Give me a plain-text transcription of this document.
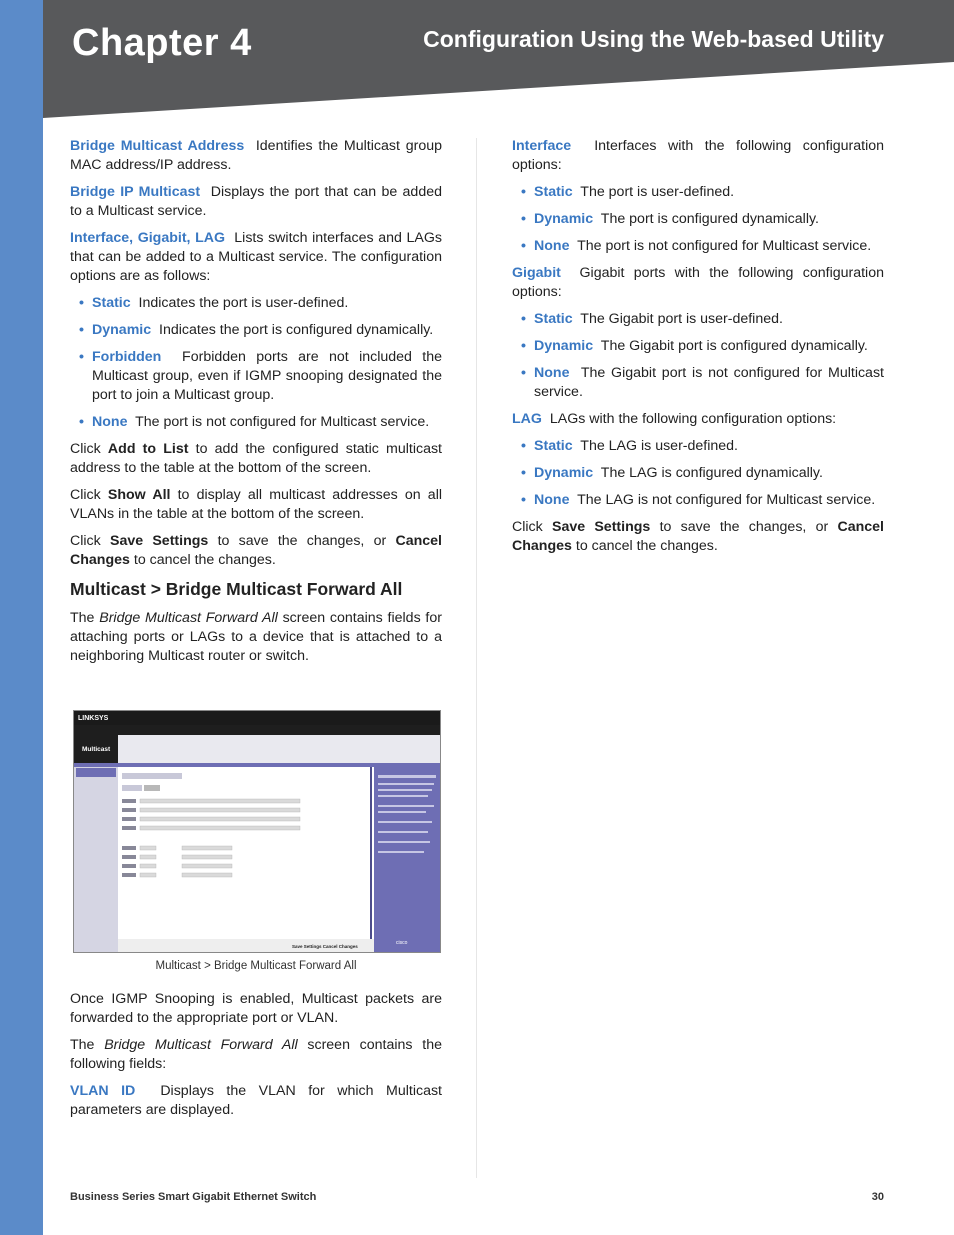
Chapter 4	Configuration Using the Web-based Utility

Bridge Multicast Address Identifies the Multicast group MAC address/IP address.

Bridge IP Multicast Displays the port that can be added to a Multicast service.

Interface, Gigabit, LAG Lists switch interfaces and LAGs that can be added to a Multicast service. The configuration options are as follows:

• Static Indicates the port is user-defined.
• Dynamic Indicates the port is configured dynamically.
• Forbidden Forbidden ports are not included the Multicast group, even if IGMP snooping designated the port to join a Multicast group.
• None The port is not configured for Multicast service.

Click Add to List to add the configured static multicast address to the table at the bottom of the screen.

Click Show All to display all multicast addresses on all VLANs in the table at the bottom of the screen.

Click Save Settings to save the changes, or Cancel Changes to cancel the changes.

Multicast > Bridge Multicast Forward All

The Bridge Multicast Forward All screen contains fields for attaching ports or LAGs to a device that is attached to a neighboring Multicast router or switch.

LINKSYS
Multicast
Save Settings Cancel Changes
cisco
Multicast > Bridge Multicast Forward All

Once IGMP Snooping is enabled, Multicast packets are forwarded to the appropriate port or VLAN.

The Bridge Multicast Forward All screen contains the following fields:

VLAN ID Displays the VLAN for which Multicast parameters are displayed.

Interface Interfaces with the following configuration options:

• Static The port is user-defined.
• Dynamic The port is configured dynamically.
• None The port is not configured for Multicast service.

Gigabit Gigabit ports with the following configuration options:

• Static The Gigabit port is user-defined.
• Dynamic The Gigabit port is configured dynamically.
• None The Gigabit port is not configured for Multicast service.

LAG LAGs with the following configuration options:

• Static The LAG is user-defined.
• Dynamic The LAG is configured dynamically.
• None The LAG is not configured for Multicast service.

Click Save Settings to save the changes, or Cancel Changes to cancel the changes.

Business Series Smart Gigabit Ethernet Switch	30
